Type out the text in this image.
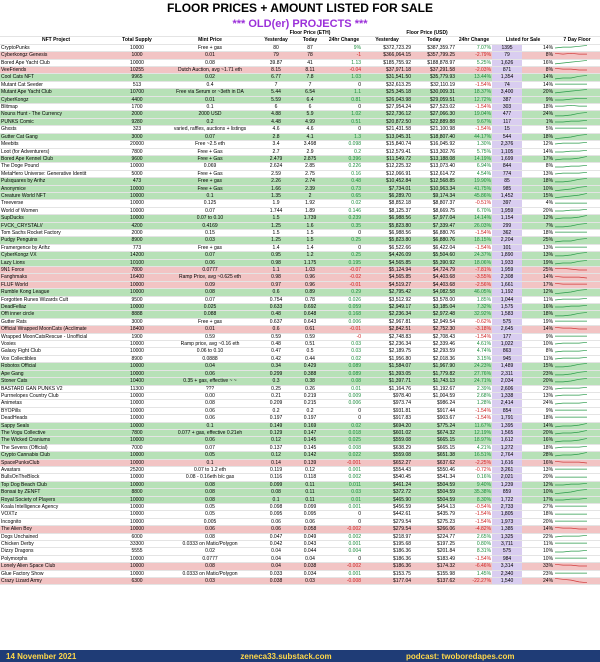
FLOOR PRICES + AMOUNT LISTED FOR SALE
*** OLD(er) PROJECTS ***
			Floor Price (ETH)			Floor Price (USD)					
NFT Project	Total Supply	Mint Price	Yesterday	Today	24hr Change	Yesterday	Today	24hr Change	Listed for Sale		7 Day Floor
CryptoPunks	10000	Free + gas	80	87	9%	$372,723.29	$387,359.77	7.07%	1395	14%	

Cyberkongz Genesis	1000	0.01	79	78	-1	$366,064.15	$357,799.25	-2.79%	79	8%	

Bored Ape Yacht Club	10000	0.08	39.87	41	1.13	$185,755.92	$188,878.97	5.25%	1,626	16%	

VeeFriends	10255	Dutch Auction, avg ~1.71 eth	8.15	8.11	-0.04	$37,971.18	$37,291.58	-2.03%	871	8%	

Cool Cats NFT	9965	0.02	6.77	7.8	1.03	$31,541.50	$35,779.93	13.44%	1,354	14%	

Mutant Cat Seeder	513	0.4	7	7	0	$32,613.25	$32,110.19	-1.54%	74	14%	

Mutant Ape Yacht Club	10700	Free via Serum or ~3eth in DA	5.44	6.54	1.1	$25,345.18	$30,009.31	18.37%	3,400	20%	

CyberKongz	4400	0.01	5.59	6.4	0.81	$26,043.98	$29,059.51	12.72%	387	9%	

Blitmap	1700	0.1	6	6	0	$27,954.24	$27,523.02	-1.54%	303	18%	

Nouns Hunt - The Currency	2000	2000 USD	4.88	5.9	1.02	$22,736.12	$27,066.30	19.04%	477	24%	

PUNKS Comic	9280	0.2	4.48	4.99	0.51	$20,872.50	$22,889.88	9.67%	117	1%	

Ghxsts	323	varied, raffles, auctions + listings	4.6	4.6	0	$21,431.58	$21,100.98	-1.54%	15	5%	

Gutter Cat Gang	3000	0.07	2.8	4.1	1.3	$13,045.31	$18,807.40	44.17%	544	18%	

Meebits	20000	Free ~2.5 eth	3.4	3.498	0.098	$15,840.74	$16,045.92	1.30%	2,376	12%	

Loot (for Adventurers)	7800	Free + Gas	2.7	2.9	0.2	$12,579.41	$13,302.76	5.75%	1,105	14%	

Bored Ape Kennel Club	9600	Free + Gas	2.479	2.875	0.396	$11,549.72	$13,188.08	14.19%	1,699	17%	

The Doge Pound	10000	0.069	2.624	2.85	0.226	$12,225.32	$13,073.40	6.94%	844	8%	

MetaHero Universe: Generative Identit	5000	Free + Gas	2.59	2.75	0.16	$12,066.91	$12,614.72	4.54%	774	13%	

Pulsquares by Arihz	473	Free + gas	2.26	2.74	0.48	$10,452.84	$12,568.85	19.90%	85	18%	

Anonymice	10000	Free + Gas	1.66	2.39	0.73	$7,734.01	$10,963.34	41.75%	985	10%	

Creature World NFT	10000	0.1	1.35	2	0.65	$6,289.70	$9,174.34	45.86%	1,452	15%	

Treeverse	10000	0.125	1.9	1.92	0.02	$8,852.18	$8,807.37	-0.51%	397	4%	

World of Women	10000	0.07	1.744	1.89	0.146	$8,125.37	$8,669.75	6.70%	1,959	20%	

SupDucks	10000	0.07 to 0.10	1.5	1.739	0.239	$6,988.56	$7,977.04	14.14%	1,154	12%	

FVCK_CRYSTAL//	4200	0.4169	1.25	1.6	0.35	$5,823.80	$7,339.47	26.03%	299	7%	

Tom Sachs Rocket Factory	2000	0.15	1.5	1.5	0	$6,988.56	$6,880.76	-1.54%	362	18%	

Pudgy Penguins	8900	0.03	1.25	1.5	0.25	$5,823.80	$6,880.76	18.15%	2,204	25%	

Framergence by Arihz	773	Free + gas	1.4	1.4	0	$6,522.66	$6,422.04	-1.54%	101	13%	

CyberKongz VX	14200	0.07	0.95	1.2	0.25	$4,426.09	$5,504.60	24.37%	1,890	13%	

Lazy Lions	10100	0.06	0.98	1.175	0.195	$4,565.85	$5,390.92	18.06%	1,933	19%	

9N1 Force	7800	0.0777	1.1	1.03	-0.07	$5,124.94	$4,724.79	-7.81%	1,959	25%	

Fanghmaks	16400	Ramp Price, avg ~0.625 eth	0.98	0.96	-0.02	$4,565.85	$4,403.68	-3.55%	2,308	14%	

FLUF World	10000	0.09	0.97	0.96	-0.01	$4,519.27	$4,403.68	-2.56%	1,661	17%	

Rumble Kong League	10000	0.08	0.6	0.89	0.29	$2,795.42	$4,082.58	46.05%	1,192	12%	

Forgotten Runes Wizards Cult	9500	0.07	0.754	0.78	0.026	$3,512.92	$3,578.00	1.85%	1,044	11%	

DeadFellaz	10000	0.025	0.633	0.692	0.059	$2,949.17	$3,185.04	7.32%	1,575	16%	

Offi inner circle	8888	0.088	0.48	0.648	0.168	$2,236.34	$2,972.48	32.92%	1,583	18%	

Gutter Rats	3000	Free + gas	0.637	0.643	0.006	$2,967.81	$2,949.54	-0.62%	575	19%	

Official Wrapped MoonCats (Acclimate	18400	0.01	0.6	0.61	-0.01	$2,842.51	$2,752.30	-3.18%	2,645	14%	

Wrapped MoonCatsRescue - Unofficial	1900	0.59	0.59	0.59	-0	$2,748.83	$2,708.43	-1.54%	177	9%	

Voxies	10000	Ramp price, avg ~0.16 eth	0.48	0.51	0.03	$2,236.34	$2,339.46	4.61%	1,022	10%	

Galaxy Fight Club	10000	0.06 to 0.10	0.47	0.5	0.03	$2,189.75	$2,293.59	4.74%	863	8%	

Vox Collectibles	8900	0.0888	0.42	0.44	0.02	$1,956.80	$2,018.36	3.15%	945	11%	

Robotos Official	10000	0.04	0.34	0.429	0.089	$1,584.07	$1,967.90	24.23%	1,489	15%	

Ape Gang	10000	0.06	0.299	0.388	0.089	$1,393.05	$1,779.82	27.76%	2,311	23%	

Stoner Cats	10400	0.35 + gas, effective ~ ~	0.3	0.38	0.08	$1,397.71	$1,743.13	24.71%	2,034	20%	

BASTARD GAN PUNKS V2	11300	???	0.25	0.26	0.01	$1,164.76	$1,192.67	2.39%	2,606	23%	

Purrnelopes Country Club	10000	0.00	0.21	0.219	0.009	$978.40	$1,004.59	2.68%	1,338	13%	

Animetas	10000	0.08	0.209	0.215	0.006	$973.74	$986.24	1.28%	2,414	24%	

BYOPills	10000	0.06	0.2	0.2	0	$931.81	$917.44	-1.54%	854	9%	

DeadHeads	10000	0.06	0.197	0.197	0	$917.83	$903.67	-1.54%	1,791	18%	

Sappy Seals	10000	0.1	0.149	0.169	0.02	$694.20	$775.24	11.67%	1,395	14%	

The Vogu Collective	7800	0.077 + gas, effective 0.21eh	0.129	0.147	0.018	$601.02	$674.32	12.19%	1,565	20%	

The Wicked Craniums	10000	0.06	0.12	0.145	0.025	$559.08	$665.15	18.97%	1,612	16%	

The Sevens (Official)	7000	0.07	0.137	0.145	0.008	$638.29	$665.15	4.21%	1,272	18%	

Crypto Cannabis Club	10000	0.05	0.12	0.142	0.022	$559.08	$651.38	16.51%	2,764	28%	

SpacePunksClub	10000	0.1	0.14	0.139	-0.001	$652.27	$637.62	-2.25%	1,616	16%	

Avastars	25200	0.07 to 1.2 eth	0.119	0.12	0.001	$554.43	$550.46	-0.72%	3,261	13%	

BullsOnTheBlock	10000	0.08 - 0.16eth b/c gas	0.116	0.118	0.002	$540.45	$541.34	0.16%	2,021	20%	

Top Dog Beach Club	10000	0.08	0.099	0.11	0.011	$461.24	$504.59	9.40%	1,239	12%	

Bonsai by ZENFT	8800	0.08	0.08	0.11	0.03	$372.72	$504.59	35.38%	859	10%	

Royal Society of Players	10000	0.08	0.1	0.11	0.01	$465.90	$504.59	8.30%	1,722	17%	

Koala Intelligence Agency	10000	0.05	0.098	0.099	0.001	$456.59	$454.13	-0.54%	2,733	27%	

VOXTz	10000	0.05	0.095	0.095	0	$442.61	$435.79	-1.54%	1,805	18%	

Incognito	10000	0.005	0.06	0.06	0	$279.54	$275.23	-1.54%	1,973	20%	

The Alien Boy	10000	0.06	0.06	0.058	-0.002	$279.54	$266.06	-4.82%	1,385	14%	

Dogs Unchained	6000	0.08	0.047	0.049	0.002	$218.97	$224.77	2.65%	1,325	22%	

Chicken Derby	33300	0.0333 on Matic/Polygon	0.042	0.043	0.001	$195.68	$197.25	0.80%	3,711	11%	

Dizzy Dragons	5555	0.02	0.04	0.044	0.004	$186.36	$201.84	8.31%	575	10%	

Polymorphs	10000	0.0777	0.04	0.04	0	$186.36	$183.49	-1.54%	984	10%	

Lonely Alien Space Club	10000	0.08	0.04	0.038	-0.002	$186.36	$174.32	-6.46%	3,314	33%	

Glue Factory Show	10000	0.0333 on Matic/Polygon	0.033	0.034	0.001	$153.75	$155.98	1.45%	2,340	23%	

Crazy Lizard Army	6300	0.03	0.038	0.03	-0.008	$177.04	$137.62	-22.27%	1,540	24%	
14 November 2021	zeneca33.substack.com	podcast: twoboredapes.com
